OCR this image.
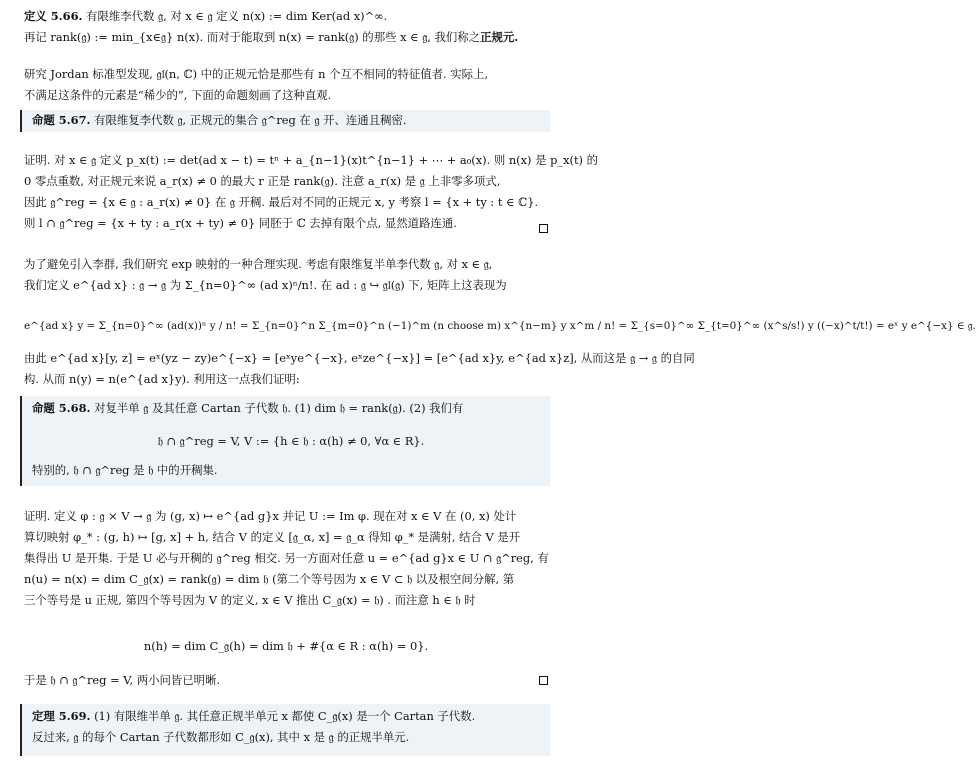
定义 5.66. 有限维李代数 𝔤, 对 x ∈ 𝔤 定义 n(x) := dim Ker(ad x)^∞.
再记 rank(𝔤) := min_{x∈𝔤} n(x). 而对于能取到 n(x) = rank(𝔤) 的那些 x ∈ 𝔤, 我们称之正规元.
研究 Jordan 标准型发现, 𝔤𝔩(n, ℂ) 中的正规元恰是那些有 n 个互不相同的特征值者. 实际上,
不满足这条件的元素是“稀少的”, 下面的命题刻画了这种直观.
命题 5.67. 有限维复李代数 𝔤, 正规元的集合 𝔤^reg 在 𝔤 开、连通且稠密.
证明. 对 x ∈ 𝔤 定义 p_x(t) := det(ad x − t) = tⁿ + a_{n−1}(x)t^{n−1} + ⋯ + a₀(x). 则 n(x) 是 p_x(t) 的
0 零点重数, 对正规元来说 a_r(x) ≠ 0 的最大 r 正是 rank(𝔤). 注意 a_r(x) 是 𝔤 上非零多项式,
因此 𝔤^reg = {x ∈ 𝔤 : a_r(x) ≠ 0} 在 𝔤 开稠. 最后对不同的正规元 x, y 考察 l = {x + ty : t ∈ ℂ}.
则 l ∩ 𝔤^reg = {x + ty : a_r(x + ty) ≠ 0} 同胚于 ℂ 去掉有限个点, 显然道路连通.
为了避免引入李群, 我们研究 exp 映射的一种合理实现. 考虑有限维复半单李代数 𝔤, 对 x ∈ 𝔤,
我们定义 e^{ad x} : 𝔤 → 𝔤 为 Σ_{n=0}^∞ (ad x)ⁿ/n!. 在 ad : 𝔤 ↪ 𝔤𝔩(𝔤) 下, 矩阵上这表现为
e^{ad x} y = Σ_{n=0}^∞ (ad(x))ⁿ y / n! = Σ_{n=0}^n Σ_{m=0}^n (−1)^m (n choose m) x^{n−m} y x^m / n! = Σ_{s=0}^∞ Σ_{t=0}^∞ (x^s/s!) y ((−x)^t/t!) = eˣ y e^{−x} ∈ 𝔤.
由此 e^{ad x}[y, z] = eˣ(yz − zy)e^{−x} = [eˣye^{−x}, eˣze^{−x}] = [e^{ad x}y, e^{ad x}z], 从而这是 𝔤 → 𝔤 的自同
构. 从而 n(y) = n(e^{ad x}y). 利用这一点我们证明:
命题 5.68. 对复半单 𝔤 及其任意 Cartan 子代数 𝔥. (1) dim 𝔥 = rank(𝔤). (2) 我们有
𝔥 ∩ 𝔤^reg = V, V := {h ∈ 𝔥 : α(h) ≠ 0, ∀α ∈ R}.
特别的, 𝔥 ∩ 𝔤^reg 是 𝔥 中的开稠集.
证明. 定义 φ : 𝔤 × V → 𝔤 为 (g, x) ↦ e^{ad g}x 并记 U := Im φ. 现在对 x ∈ V 在 (0, x) 处计
算切映射 φ_* : (g, h) ↦ [g, x] + h, 结合 V 的定义 [𝔤_α, x] = 𝔤_α 得知 φ_* 是满射, 结合 V 是开
集得出 U 是开集. 于是 U 必与开稠的 𝔤^reg 相交. 另一方面对任意 u = e^{ad g}x ∈ U ∩ 𝔤^reg, 有
n(u) = n(x) = dim C_𝔤(x) = rank(𝔤) = dim 𝔥 (第二个等号因为 x ∈ V ⊂ 𝔥 以及根空间分解, 第
三个等号是 u 正规, 第四个等号因为 V 的定义, x ∈ V 推出 C_𝔤(x) = 𝔥) . 而注意 h ∈ 𝔥 时
n(h) = dim C_𝔤(h) = dim 𝔥 + #{α ∈ R : α(h) = 0}.
于是 𝔥 ∩ 𝔤^reg = V, 两小问皆已明晰.
定理 5.69. (1) 有限维半单 𝔤. 其任意正规半单元 x 都使 C_𝔤(x) 是一个 Cartan 子代数.
反过来, 𝔤 的每个 Cartan 子代数都形如 C_𝔤(x), 其中 x 是 𝔤 的正规半单元.
